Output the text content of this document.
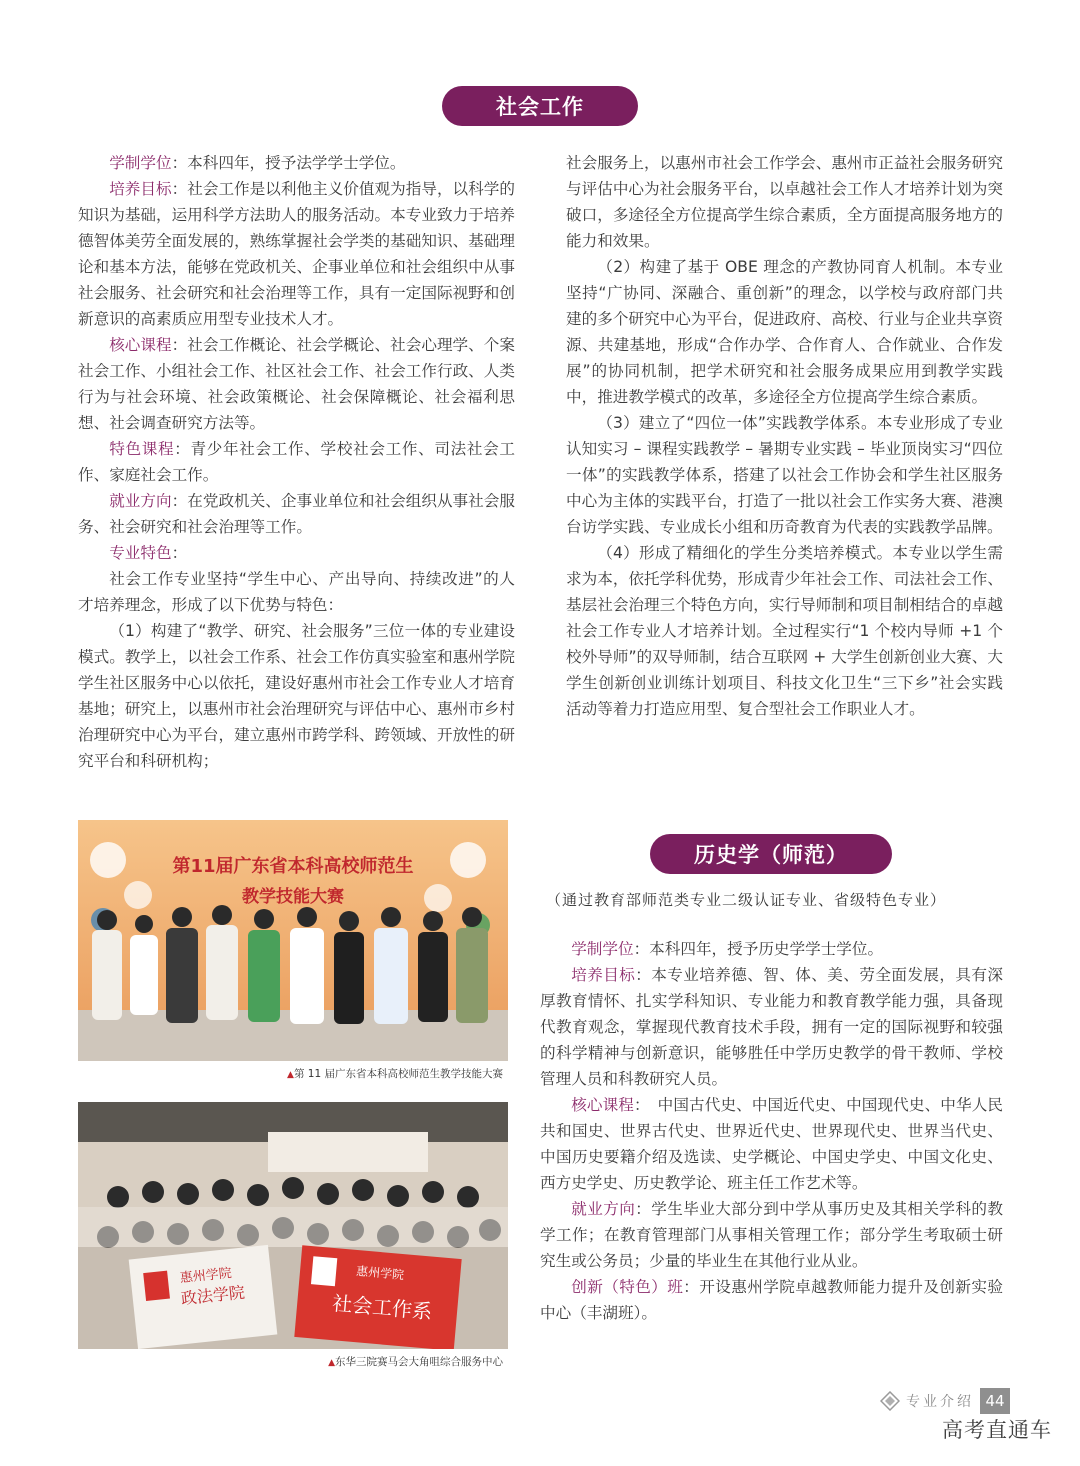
社会工作

学制学位：本科四年，授予法学学士学位。

培养目标：社会工作是以利他主义价值观为指导，以科学的知识为基础，运用科学方法助人的服务活动。本专业致力于培养德智体美劳全面发展的，熟练掌握社会学类的基础知识、基础理论和基本方法，能够在党政机关、企事业单位和社会组织中从事社会服务、社会研究和社会治理等工作，具有一定国际视野和创新意识的高素质应用型专业技术人才。

核心课程：社会工作概论、社会学概论、社会心理学、个案社会工作、小组社会工作、社区社会工作、社会工作行政、人类行为与社会环境、社会政策概论、社会保障概论、社会福利思想、社会调查研究方法等。

特色课程：青少年社会工作、学校社会工作、司法社会工作、家庭社会工作。

就业方向：在党政机关、企事业单位和社会组织从事社会服务、社会研究和社会治理等工作。

专业特色：

社会工作专业坚持“学生中心、产出导向、持续改进”的人才培养理念，形成了以下优势与特色：

（1）构建了“教学、研究、社会服务”三位一体的专业建设模式。教学上，以社会工作系、社会工作仿真实验室和惠州学院学生社区服务中心以依托，建设好惠州市社会工作专业人才培育基地；研究上，以惠州市社会治理研究与评估中心、惠州市乡村治理研究中心为平台，建立惠州市跨学科、跨领域、开放性的研究平台和科研机构；

社会服务上，以惠州市社会工作学会、惠州市正益社会服务研究与评估中心为社会服务平台，以卓越社会工作人才培养计划为突破口，多途径全方位提高学生综合素质，全方面提高服务地方的能力和效果。

（2）构建了基于 OBE 理念的产教协同育人机制。本专业坚持“广协同、深融合、重创新”的理念，以学校与政府部门共建的多个研究中心为平台，促进政府、高校、行业与企业共享资源、共建基地，形成“合作办学、合作育人、合作就业、合作发展”的协同机制，把学术研究和社会服务成果应用到教学实践中，推进教学模式的改革，多途径全方位提高学生综合素质。

（3）建立了“四位一体”实践教学体系。本专业形成了专业认知实习 – 课程实践教学 – 暑期专业实践 – 毕业顶岗实习“四位一体”的实践教学体系，搭建了以社会工作协会和学生社区服务中心为主体的实践平台，打造了一批以社会工作实务大赛、港澳台访学实践、专业成长小组和历奇教育为代表的实践教学品牌。

（4）形成了精细化的学生分类培养模式。本专业以学生需求为本，依托学科优势，形成青少年社会工作、司法社会工作、基层社会治理三个特色方向，实行导师制和项目制相结合的卓越社会工作专业人才培养计划。全过程实行“1 个校内导师 +1 个校外导师”的双导师制，结合互联网 + 大学生创新创业大赛、大学生创新创业训练计划项目、科技文化卫生“三下乡”社会实践活动等着力打造应用型、复合型社会工作职业人才。

第11届广东省本科高校师范生
教学技能大赛
▲第 11 届广东省本科高校师范生教学技能大赛
惠州学院
政法学院
惠州学院
社会工作系
▲东华三院赛马会大角咀综合服务中心
历史学（师范）
（通过教育部师范类专业二级认证专业、省级特色专业）

学制学位：本科四年，授予历史学学士学位。

培养目标：本专业培养德、智、体、美、劳全面发展，具有深厚教育情怀、扎实学科知识、专业能力和教育教学能力强，具备现代教育观念，掌握现代教育技术手段，拥有一定的国际视野和较强的科学精神与创新意识，能够胜任中学历史教学的骨干教师、学校管理人员和科教研究人员。

核心课程：　中国古代史、中国近代史、中国现代史、中华人民共和国史、世界古代史、世界近代史、世界现代史、世界当代史、中国历史要籍介绍及选读、史学概论、中国史学史、中国文化史、西方史学史、历史教学论、班主任工作艺术等。

就业方向：学生毕业大部分到中学从事历史及其相关学科的教学工作；在教育管理部门从事相关管理工作；部分学生考取硕士研究生或公务员；少量的毕业生在其他行业从业。

创新（特色）班：开设惠州学院卓越教师能力提升及创新实验中心（丰湖班）。

专业介绍 44
高考直通车
